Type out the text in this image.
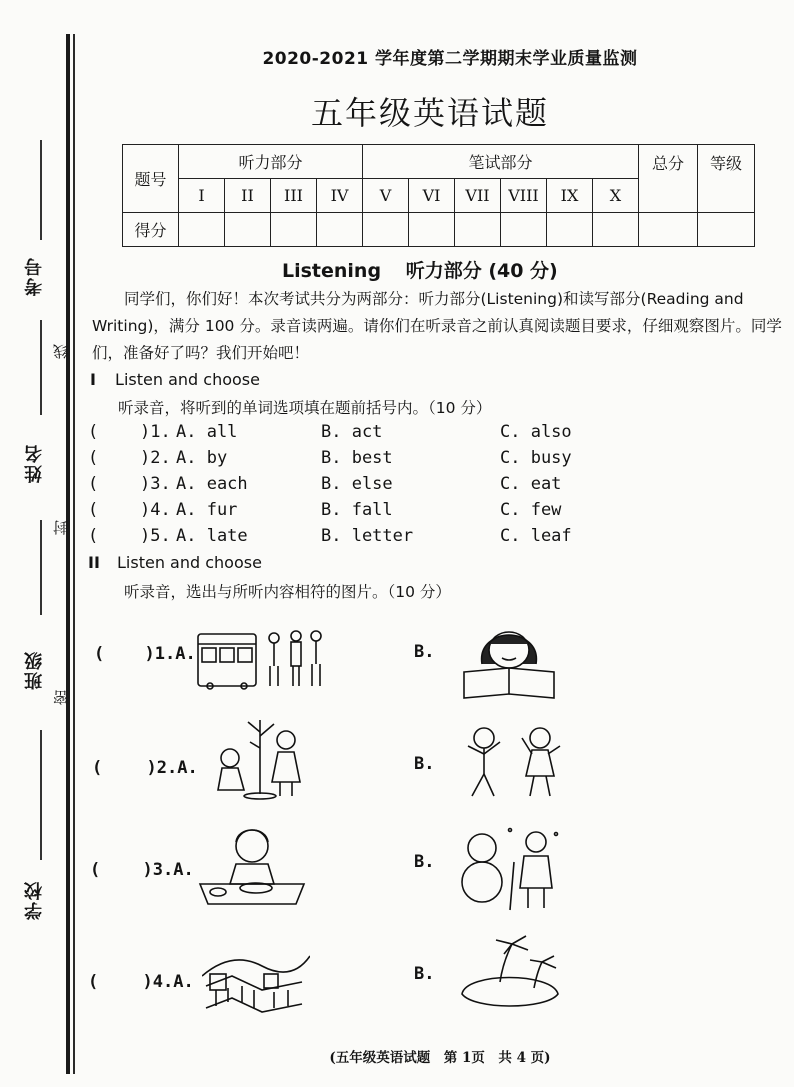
考号
姓名
班级
学校
线
封
密
2020-2021 学年度第二学期期末学业质量监测
五年级英语试题
题号	听力部分				笔试部分						总分	等级
	I	II	III	IV	V	VI	VII	VIII	IX	X		
得分												
Listening 听力部分 (40 分)
同学们，你们好！本次考试共分为两部分：听力部分(Listening)和读写部分(Reading and Writing)，满分 100 分。录音读两遍。请你们在听录音之前认真阅读题目要求，仔细观察图片。同学们，准备好了吗？我们开始吧！
I Listen and choose
听录音，将听到的单词选项填在题前括号内。（10 分）
( )1. A. all	B. act	C. also
( )2. A. by	B. best	C. busy
( )3. A. each	B. else	C. eat
( )4. A. fur	B. fall	C. few
( )5. A. late	B. letter	C. leaf
II Listen and choose
听录音，选出与所听内容相符的图片。（10 分）
( )1.A.	B.
(	)2.A.	B.
( )3.A.	B.
(	)4.A.	B.
(五年级英语试题　第 1页　共 4 页)
